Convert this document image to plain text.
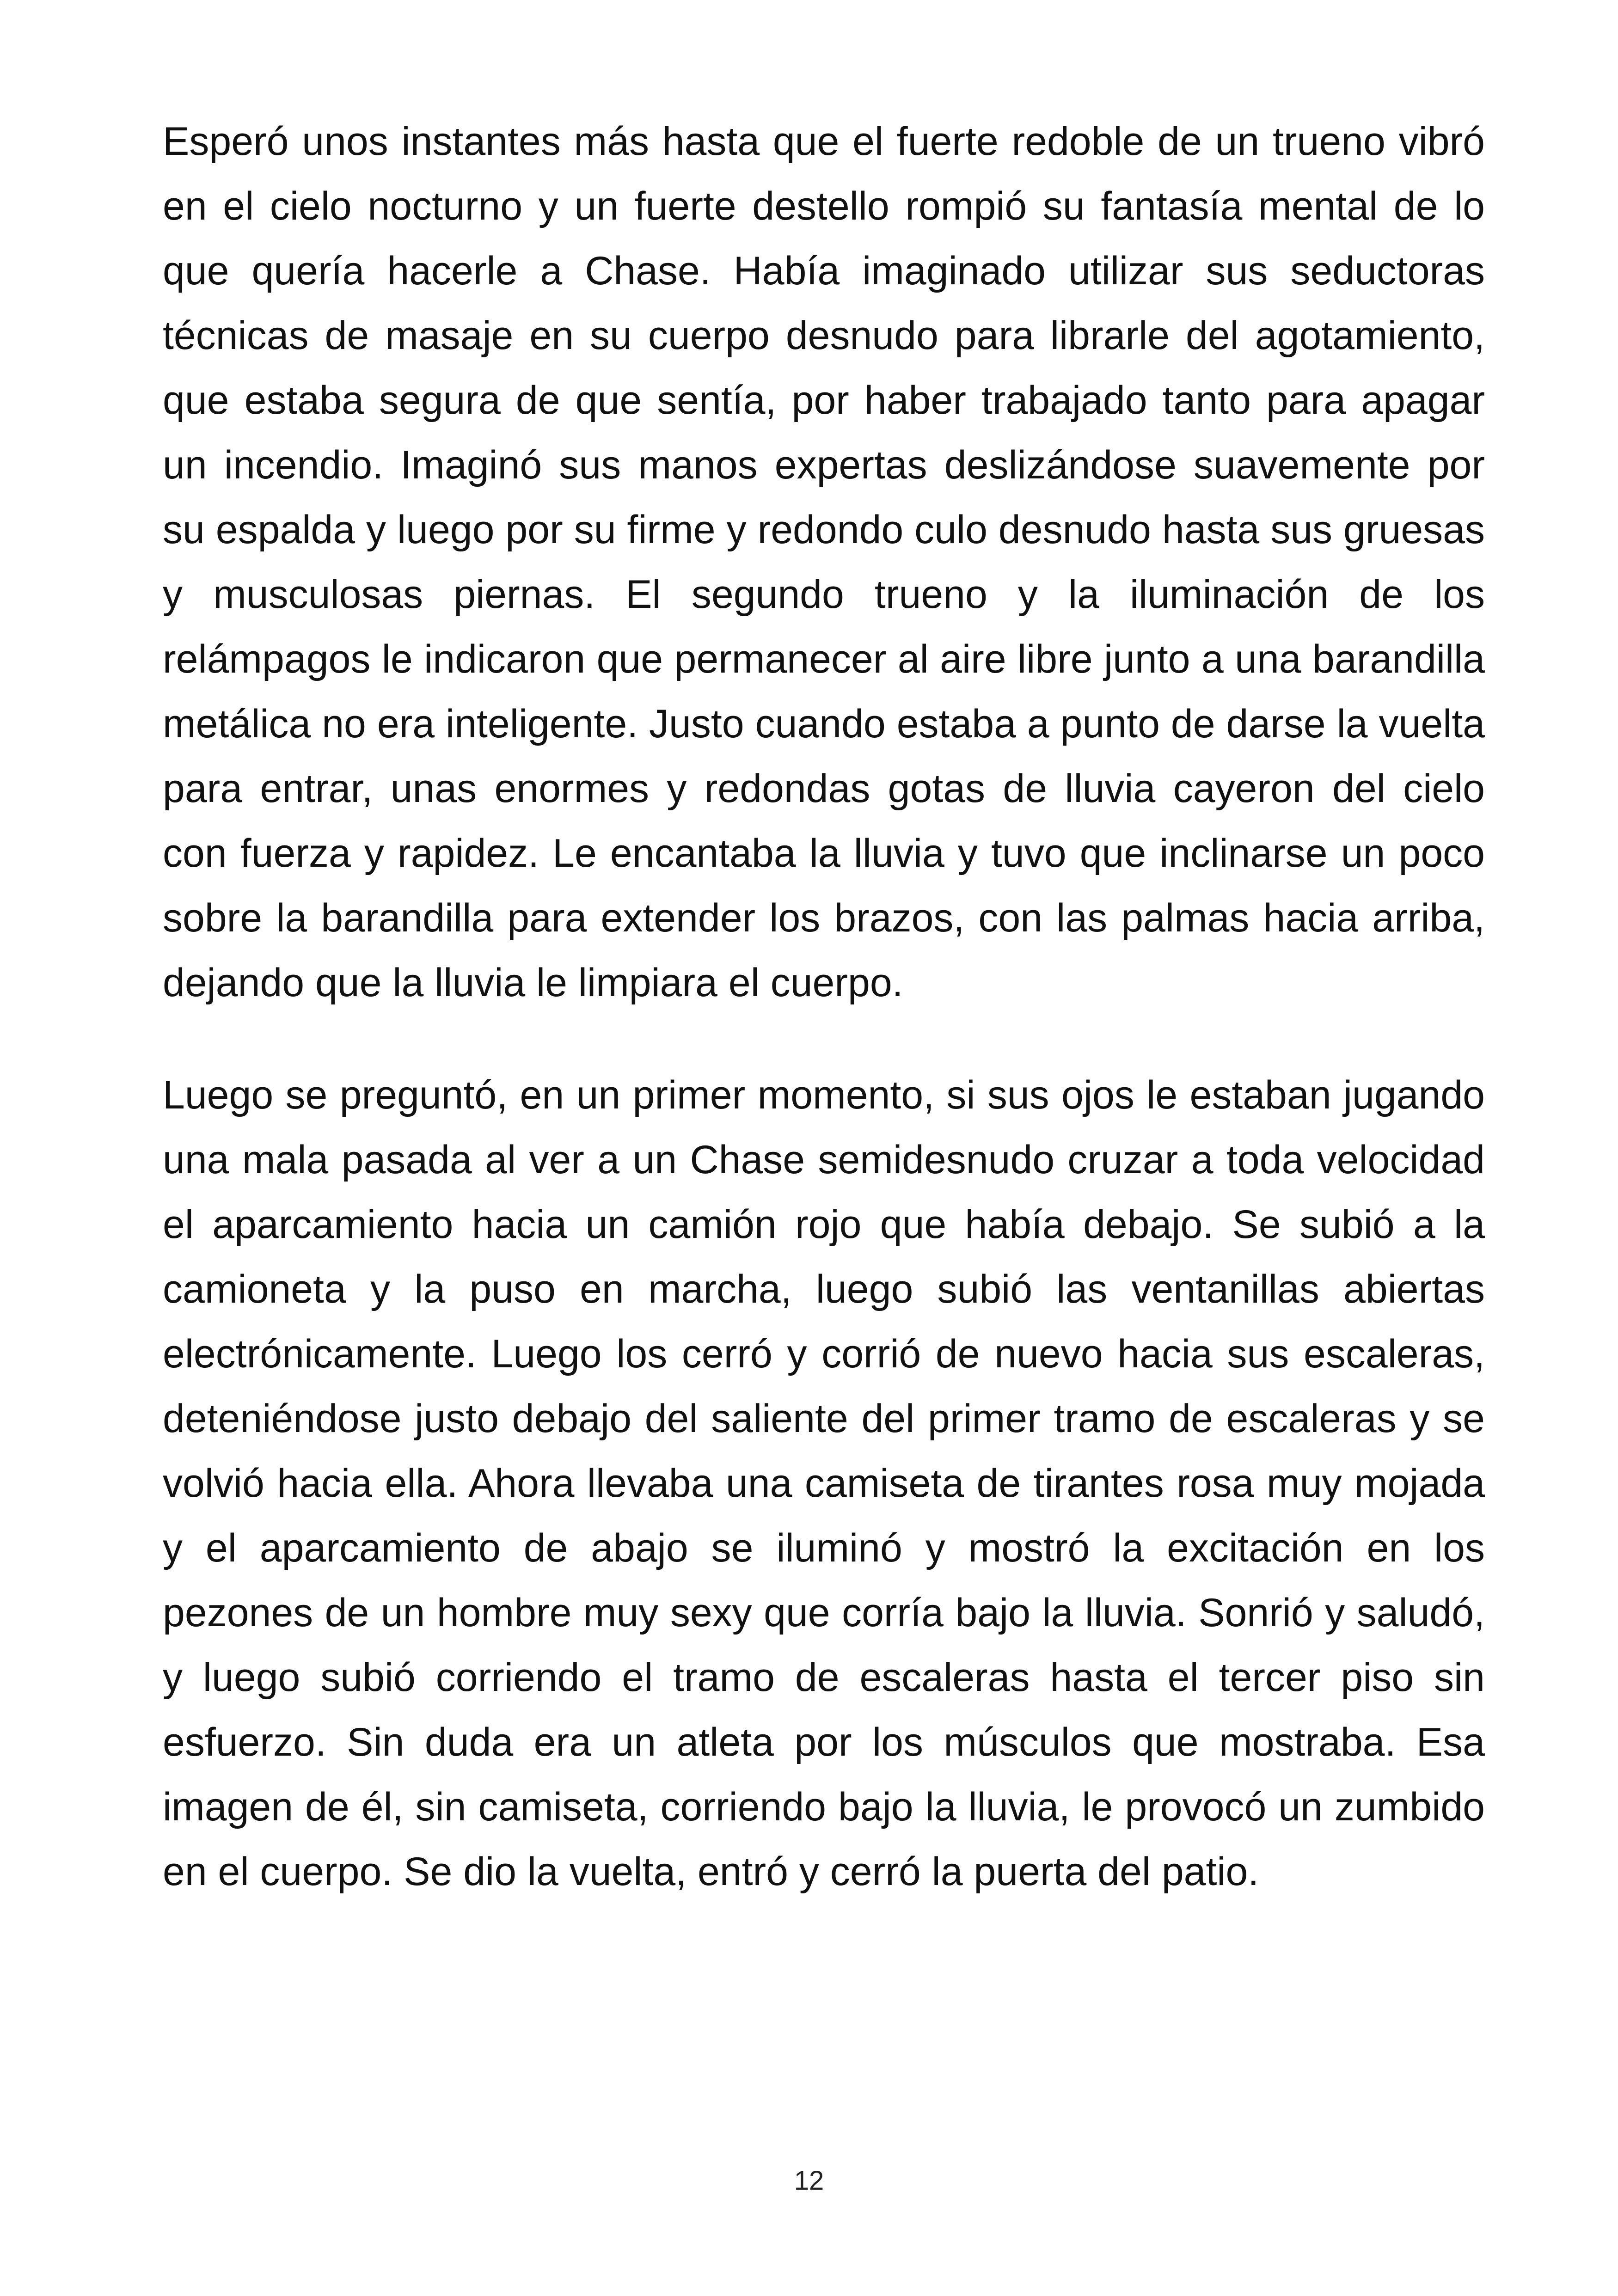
Esperó unos instantes más hasta que el fuerte redoble de un trueno vibró en el cielo nocturno y un fuerte destello rompió su fantasía mental de lo que quería hacerle a Chase. Había imaginado utilizar sus seductoras técnicas de masaje en su cuerpo desnudo para librarle del agotamiento, que estaba segura de que sentía, por haber trabajado tanto para apagar un incendio. Imaginó sus manos expertas deslizándose suavemente por su espalda y luego por su firme y redondo culo desnudo hasta sus gruesas y musculosas piernas. El segundo trueno y la iluminación de los relámpagos le indicaron que permanecer al aire libre junto a una barandilla metálica no era inteligente. Justo cuando estaba a punto de darse la vuelta para entrar, unas enormes y redondas gotas de lluvia cayeron del cielo con fuerza y rapidez. Le encantaba la lluvia y tuvo que inclinarse un poco sobre la barandilla para extender los brazos, con las palmas hacia arriba, dejando que la lluvia le limpiara el cuerpo.

Luego se preguntó, en un primer momento, si sus ojos le estaban jugando una mala pasada al ver a un Chase semidesnudo cruzar a toda velocidad el aparcamiento hacia un camión rojo que había debajo. Se subió a la camioneta y la puso en marcha, luego subió las ventanillas abiertas electrónicamente. Luego los cerró y corrió de nuevo hacia sus escaleras, deteniéndose justo debajo del saliente del primer tramo de escaleras y se volvió hacia ella. Ahora llevaba una camiseta de tirantes rosa muy mojada y el aparcamiento de abajo se iluminó y mostró la excitación en los pezones de un hombre muy sexy que corría bajo la lluvia. Sonrió y saludó, y luego subió corriendo el tramo de escaleras hasta el tercer piso sin esfuerzo. Sin duda era un atleta por los músculos que mostraba. Esa imagen de él, sin camiseta, corriendo bajo la lluvia, le provocó un zumbido en el cuerpo. Se dio la vuelta, entró y cerró la puerta del patio.

12
